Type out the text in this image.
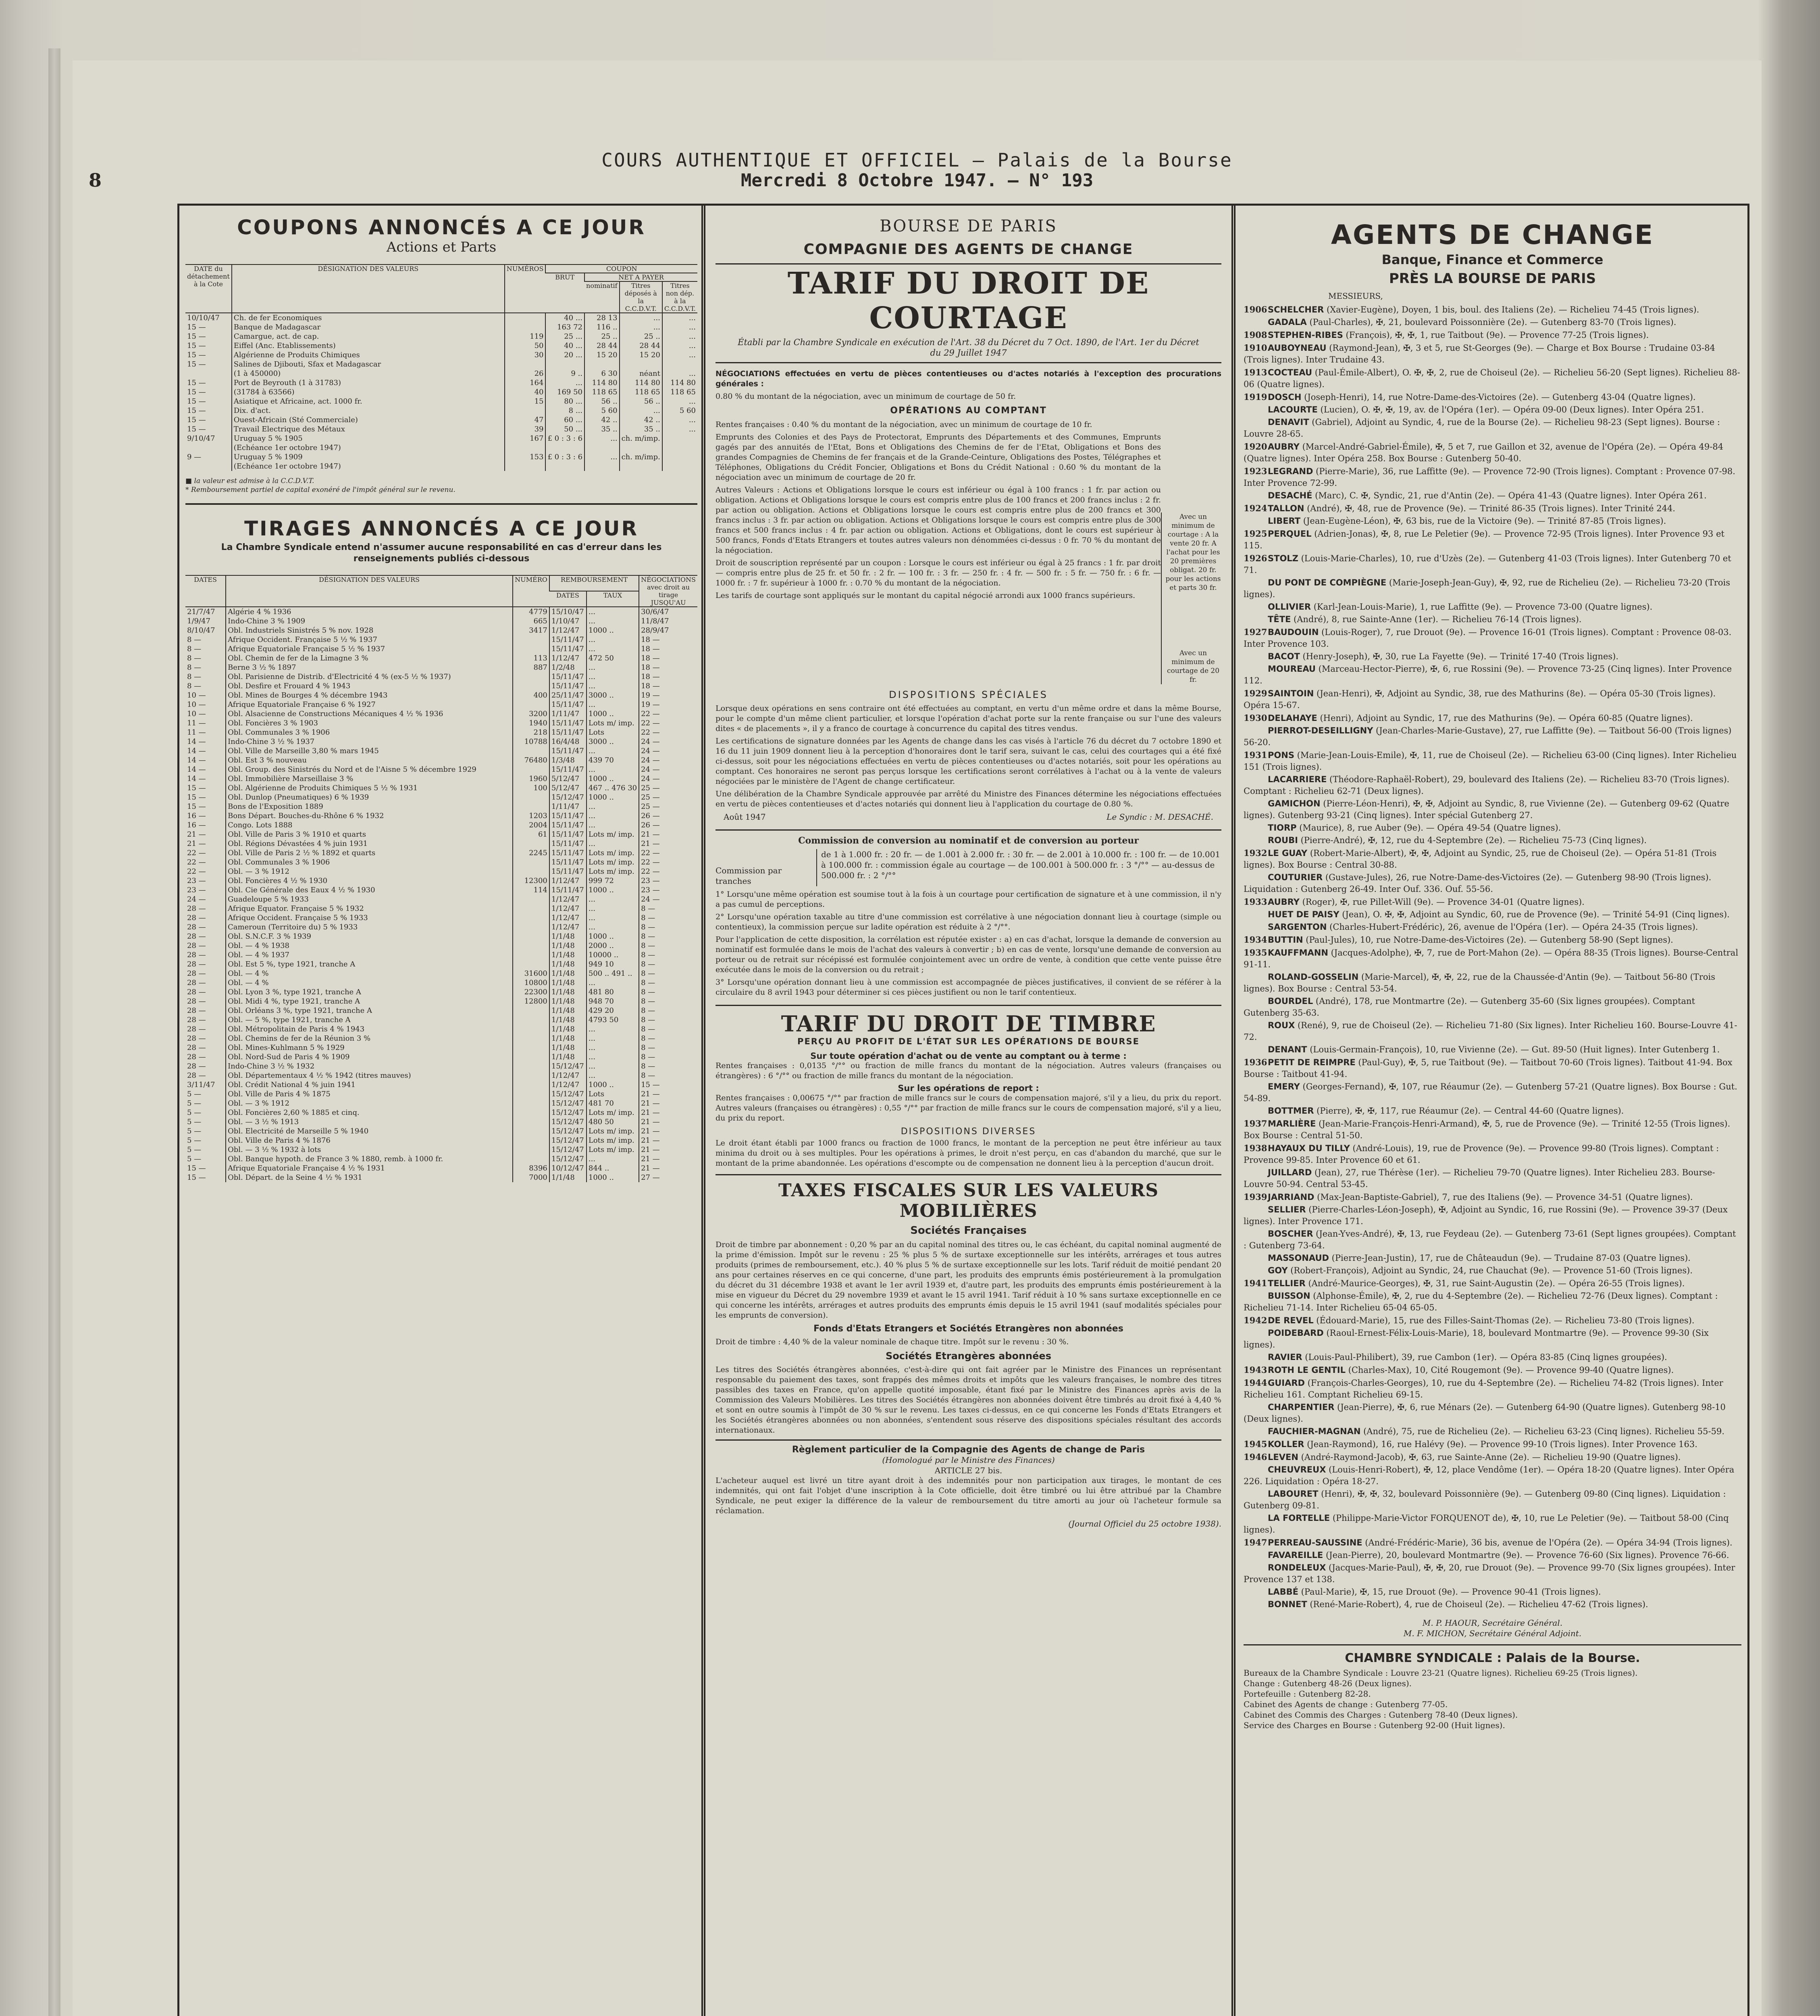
8
COURS AUTHENTIQUE ET OFFICIEL — Palais de la Bourse
Mercredi 8 Octobre 1947. — N° 193
COUPONS ANNONCÉS A CE JOUR
Actions et Parts
DATE du détachement à la Cote	DÉSIGNATION DES VALEURS	NUMÉROS	COUPON			
			BRUT	NET A PAYER		
				nominatif	Titres déposés à la C.C.D.V.T.	Titres non dép. à la C.C.D.V.T.
10/10/47	Ch. de fer Economiques		40 ...	28 13	...	...
15 —	Banque de Madagascar		163 72	116 ..	...	...
15 —	Camargue, act. de cap.	119	25 ...	25 ..	25 ..	...
15 —	Eiffel (Anc. Etablissements)	50	40 ...	28 44	28 44	...
15 —	Algérienne de Produits Chimiques	30	20 ...	15 20	15 20	...
15 —	Salines de Djibouti, Sfax et Madagascar					
	(1 à 450000)	26	9 ..	6 30	néant	...
15 —	Port de Beyrouth (1 à 31783)	164	...	114 80	114 80	114 80
15 —	(31784 à 63566)	40	169 50	118 65	118 65	118 65
15 —	Asiatique et Africaine, act. 1000 fr.	15	80 ...	56 ..	56 ..	...
15 —	Dix. d'act.		8 ...	5 60	...	5 60
15 —	Ouest-Africain (Sté Commerciale)	47	60 ...	42 ..	42 ..	...
15 —	Travail Electrique des Métaux	39	50 ...	35 ..	35 ..	...
9/10/47	Uruguay 5 % 1905	167	£ 0 : 3 : 6	...	ch. m/imp.	
	(Echéance 1er octobre 1947)					
9 —	Uruguay 5 % 1909	153	£ 0 : 3 : 6	...	ch. m/imp.	
	(Echéance 1er octobre 1947)					
■ la valeur est admise à la C.C.D.V.T.
* Remboursement partiel de capital exonéré de l'impôt général sur le revenu.
TIRAGES ANNONCÉS A CE JOUR
La Chambre Syndicale entend n'assumer aucune responsabilité en cas d'erreur dans les renseignements publiés ci-dessous
DATES	DÉSIGNATION DES VALEURS	NUMÉRO	REMBOURSEMENT		NÉGOCIATIONS avec droit au tirage JUSQU'AU
			DATES	TAUX	
21/7/47	Algérie 4 % 1936	4779	15/10/47	...	30/6/47
1/9/47	Indo-Chine 3 % 1909	665	1/10/47	...	11/8/47
8/10/47	Obl. Industriels Sinistrés 5 % nov. 1928	3417	1/12/47	1000 ..	28/9/47
8 —	Afrique Occident. Française 5 ½ % 1937		15/11/47	...	18 —
8 —	Afrique Equatoriale Française 5 ½ % 1937		15/11/47	...	18 —
8 —	Obl. Chemin de fer de la Limagne 3 %	113	1/12/47	472 50	18 —
8 —	Berne 3 ½ % 1897	887	1/2/48	...	18 —
8 —	Obl. Parisienne de Distrib. d'Electricité 4 % (ex-5 ½ % 1937)		15/11/47	...	18 —
8 —	Obl. Desfire et Frouard 4 % 1943		15/11/47	...	18 —
10 —	Obl. Mines de Bourges 4 % décembre 1943	400	25/11/47	3000 ..	19 —
10 —	Afrique Equatoriale Française 6 % 1927		15/11/47	...	19 —
10 —	Obl. Alsacienne de Constructions Mécaniques 4 ½ % 1936	3200	1/11/47	1000 ..	22 —
11 —	Obl. Foncières 3 % 1903	1940	15/11/47	Lots m/ imp.	22 —
11 —	Obl. Communales 3 % 1906	218	15/11/47	Lots	22 —
14 —	Indo-Chine 3 ½ % 1937	10788	16/4/48	3000 ..	24 —
14 —	Obl. Ville de Marseille 3,80 % mars 1945		15/11/47	...	24 —
14 —	Obl. Est 3 % nouveau	76480	1/3/48	439 70	24 —
14 —	Obl. Group. des Sinistrés du Nord et de l'Aisne 5 % décembre 1929		15/11/47	...	24 —
14 —	Obl. Immobilière Marseillaise 3 %	1960	5/12/47	1000 ..	24 —
15 —	Obl. Algérienne de Produits Chimiques 5 ½ % 1931	100	5/12/47	467 .. 476 30	25 —
15 —	Obl. Dunlop (Pneumatiques) 6 % 1939		15/12/47	1000 ..	25 —
15 —	Bons de l'Exposition 1889		1/11/47	...	25 —
16 —	Bons Départ. Bouches-du-Rhône 6 % 1932	1203	15/11/47	...	26 —
16 —	Congo. Lots 1888	2004	15/11/47	...	26 —
21 —	Obl. Ville de Paris 3 % 1910 et quarts	61	15/11/47	Lots m/ imp.	21 —
21 —	Obl. Régions Dévastées 4 % juin 1931		15/11/47	...	21 —
22 —	Obl. Ville de Paris 2 ½ % 1892 et quarts	2245	15/11/47	Lots m/ imp.	22 —
22 —	Obl. Communales 3 % 1906		15/11/47	Lots m/ imp.	22 —
22 —	Obl. — 3 % 1912		15/11/47	Lots m/ imp.	22 —
23 —	Obl. Foncières 4 ½ % 1930	12300	1/12/47	999 72	23 —
23 —	Obl. Cie Générale des Eaux 4 ½ % 1930	114	15/11/47	1000 ..	23 —
24 —	Guadeloupe 5 % 1933		1/12/47	...	24 —
28 —	Afrique Equator. Française 5 % 1932		1/12/47	...	8 —
28 —	Afrique Occident. Française 5 % 1933		1/12/47	...	8 —
28 —	Cameroun (Territoire du) 5 % 1933		1/12/47	...	8 —
28 —	Obl. S.N.C.F. 3 % 1939		1/1/48	1000 ..	8 —
28 —	Obl. — 4 % 1938		1/1/48	2000 ..	8 —
28 —	Obl. — 4 % 1937		1/1/48	10000 ..	8 —
28 —	Obl. Est 5 %, type 1921, tranche A		1/1/48	949 10	8 —
28 —	Obl. — 4 %	31600	1/1/48	500 .. 491 ..	8 —
28 —	Obl. — 4 %	10800	1/1/48	...	8 —
28 —	Obl. Lyon 3 %, type 1921, tranche A	22300	1/1/48	481 80	8 —
28 —	Obl. Midi 4 %, type 1921, tranche A	12800	1/1/48	948 70	8 —
28 —	Obl. Orléans 3 %, type 1921, tranche A		1/1/48	429 20	8 —
28 —	Obl. — 5 %, type 1921, tranche A		1/1/48	4793 50	8 —
28 —	Obl. Métropolitain de Paris 4 % 1943		1/1/48	...	8 —
28 —	Obl. Chemins de fer de la Réunion 3 %		1/1/48	...	8 —
28 —	Obl. Mines-Kuhlmann 5 % 1929		1/1/48	...	8 —
28 —	Obl. Nord-Sud de Paris 4 % 1909		1/1/48	...	8 —
28 —	Indo-Chine 3 ½ % 1932		15/12/47	...	8 —
28 —	Obl. Départementaux 4 ½ % 1942 (titres mauves)		1/12/47	...	8 —
3/11/47	Obl. Crédit National 4 % juin 1941		1/12/47	1000 ..	15 —
5 —	Obl. Ville de Paris 4 % 1875		15/12/47	Lots	21 —
5 —	Obl. — 3 % 1912		15/12/47	481 70	21 —
5 —	Obl. Foncières 2,60 % 1885 et cinq.		15/12/47	Lots m/ imp.	21 —
5 —	Obl. — 3 ½ % 1913		15/12/47	480 50	21 —
5 —	Obl. Electricité de Marseille 5 % 1940		15/12/47	Lots m/ imp.	21 —
5 —	Obl. Ville de Paris 4 % 1876		15/12/47	Lots m/ imp.	21 —
5 —	Obl. — 3 ½ % 1932 à lots		15/12/47	Lots m/ imp.	21 —
5 —	Obl. Banque hypoth. de France 3 % 1880, remb. à 1000 fr.		15/12/47	...	21 —
15 —	Afrique Equatoriale Française 4 ½ % 1931	8396	10/12/47	844 ..	21 —
15 —	Obl. Départ. de la Seine 4 ½ % 1931	7000	1/1/48	1000 ..	27 —
BOURSE DE PARIS
COMPAGNIE DES AGENTS DE CHANGE
TARIF DU DROIT DE COURTAGE
Établi par la Chambre Syndicale en exécution de l'Art. 38 du Décret du 7 Oct. 1890, de l'Art. 1er du Décret du 29 Juillet 1947
NÉGOCIATIONS effectuées en vertu de pièces contentieuses ou d'actes notariés à l'exception des procurations générales :
0.80 % du montant de la négociation, avec un minimum de courtage de 50 fr.
OPÉRATIONS AU COMPTANT
Rentes françaises : 0.40 % du montant de la négociation, avec un minimum de courtage de 10 fr.
Emprunts des Colonies et des Pays de Protectorat, Emprunts des Départements et des Communes, Emprunts gagés par des annuités de l'Etat, Bons et Obligations des Chemins de fer de l'Etat, Obligations et Bons des grandes Compagnies de Chemins de fer français et de la Grande-Ceinture, Obligations des Postes, Télégraphes et Téléphones, Obligations du Crédit Foncier, Obligations et Bons du Crédit National : 0.60 % du montant de la négociation avec un minimum de courtage de 20 fr.
Autres Valeurs : Actions et Obligations lorsque le cours est inférieur ou égal à 100 francs : 1 fr. par action ou obligation. Actions et Obligations lorsque le cours est compris entre plus de 100 francs et 200 francs inclus : 2 fr. par action ou obligation. Actions et Obligations lorsque le cours est compris entre plus de 200 francs et 300 francs inclus : 3 fr. par action ou obligation. Actions et Obligations lorsque le cours est compris entre plus de 300 francs et 500 francs inclus : 4 fr. par action ou obligation. Actions et Obligations, dont le cours est supérieur à 500 francs, Fonds d'Etats Etrangers et toutes autres valeurs non dénommées ci-dessus : 0 fr. 70 % du montant de la négociation.
Droit de souscription représenté par un coupon : Lorsque le cours est inférieur ou égal à 25 francs : 1 fr. par droit — compris entre plus de 25 fr. et 50 fr. : 2 fr. — 100 fr. : 3 fr. — 250 fr. : 4 fr. — 500 fr. : 5 fr. — 750 fr. : 6 fr. — 1000 fr. : 7 fr. supérieur à 1000 fr. : 0.70 % du montant de la négociation.
Les tarifs de courtage sont appliqués sur le montant du capital négocié arrondi aux 1000 francs supérieurs.
Avec un minimum de courtage : A la vente 20 fr. A l'achat pour les 20 premières obligat. 20 fr. pour les actions et parts 30 fr.
Avec un minimum de courtage de 20 fr.
DISPOSITIONS SPÉCIALES
Lorsque deux opérations en sens contraire ont été effectuées au comptant, en vertu d'un même ordre et dans la même Bourse, pour le compte d'un même client particulier, et lorsque l'opération d'achat porte sur la rente française ou sur l'une des valeurs dites « de placements », il y a franco de courtage à concurrence du capital des titres vendus.
Les certifications de signature données par les Agents de change dans les cas visés à l'article 76 du décret du 7 octobre 1890 et 16 du 11 juin 1909 donnent lieu à la perception d'honoraires dont le tarif sera, suivant le cas, celui des courtages qui a été fixé ci-dessus, soit pour les négociations effectuées en vertu de pièces contentieuses ou d'actes notariés, soit pour les opérations au comptant. Ces honoraires ne seront pas perçus lorsque les certifications seront corrélatives à l'achat ou à la vente de valeurs négociées par le ministère de l'Agent de change certificateur.
Une délibération de la Chambre Syndicale approuvée par arrêté du Ministre des Finances détermine les négociations effectuées en vertu de pièces contentieuses et d'actes notariés qui donnent lieu à l'application du courtage de 0.80 %.
Août 1947	Le Syndic : M. DESACHÉ.
Commission de conversion au nominatif et de conversion au porteur
Commission par tranches
de 1 à 1.000 fr. : 20 fr. — de 1.001 à 2.000 fr. : 30 fr. — de 2.001 à 10.000 fr. : 100 fr. — de 10.001 à 100.000 fr. : commission égale au courtage — de 100.001 à 500.000 fr. : 3 °/°° — au-dessus de 500.000 fr. : 2 °/°°
1° Lorsqu'une même opération est soumise tout à la fois à un courtage pour certification de signature et à une commission, il n'y a pas cumul de perceptions.
2° Lorsqu'une opération taxable au titre d'une commission est corrélative à une négociation donnant lieu à courtage (simple ou contentieux), la commission perçue sur ladite opération est réduite à 2 °/°°.
Pour l'application de cette disposition, la corrélation est réputée exister : a) en cas d'achat, lorsque la demande de conversion au nominatif est formulée dans le mois de l'achat des valeurs à convertir ; b) en cas de vente, lorsqu'une demande de conversion au porteur ou de retrait sur récépissé est formulée conjointement avec un ordre de vente, à condition que cette vente puisse être exécutée dans le mois de la conversion ou du retrait ;
3° Lorsqu'une opération donnant lieu à une commission est accompagnée de pièces justificatives, il convient de se référer à la circulaire du 8 avril 1943 pour déterminer si ces pièces justifient ou non le tarif contentieux.
TARIF DU DROIT DE TIMBRE
PERÇU AU PROFIT DE L'ÉTAT SUR LES OPÉRATIONS DE BOURSE
Sur toute opération d'achat ou de vente au comptant ou à terme :
Rentes françaises : 0,0135 °/°° ou fraction de mille francs du montant de la négociation. Autres valeurs (françaises ou étrangères) : 6 °/°° ou fraction de mille francs du montant de la négociation.
Sur les opérations de report :
Rentes françaises : 0,00675 °/°° par fraction de mille francs sur le cours de compensation majoré, s'il y a lieu, du prix du report. Autres valeurs (françaises ou étrangères) : 0,55 °/°° par fraction de mille francs sur le cours de compensation majoré, s'il y a lieu, du prix du report.
DISPOSITIONS DIVERSES
Le droit étant établi par 1000 francs ou fraction de 1000 francs, le montant de la perception ne peut être inférieur au taux minima du droit ou à ses multiples. Pour les opérations à primes, le droit n'est perçu, en cas d'abandon du marché, que sur le montant de la prime abandonnée. Les opérations d'escompte ou de compensation ne donnent lieu à la perception d'aucun droit.
TAXES FISCALES SUR LES VALEURS MOBILIÈRES
Sociétés Françaises
Droit de timbre par abonnement : 0,20 % par an du capital nominal des titres ou, le cas échéant, du capital nominal augmenté de la prime d'émission. Impôt sur le revenu : 25 % plus 5 % de surtaxe exceptionnelle sur les intérêts, arrérages et tous autres produits (primes de remboursement, etc.). 40 % plus 5 % de surtaxe exceptionnelle sur les lots. Tarif réduit de moitié pendant 20 ans pour certaines réserves en ce qui concerne, d'une part, les produits des emprunts émis postérieurement à la promulgation du décret du 31 décembre 1938 et avant le 1er avril 1939 et, d'autre part, les produits des emprunts émis postérieurement à la mise en vigueur du Décret du 29 novembre 1939 et avant le 15 avril 1941. Tarif réduit à 10 % sans surtaxe exceptionnelle en ce qui concerne les intérêts, arrérages et autres produits des emprunts émis depuis le 15 avril 1941 (sauf modalités spéciales pour les emprunts de conversion).
Fonds d'Etats Etrangers et Sociétés Etrangères non abonnées
Droit de timbre : 4,40 % de la valeur nominale de chaque titre. Impôt sur le revenu : 30 %.
Sociétés Etrangères abonnées
Les titres des Sociétés étrangères abonnées, c'est-à-dire qui ont fait agréer par le Ministre des Finances un représentant responsable du paiement des taxes, sont frappés des mêmes droits et impôts que les valeurs françaises, le nombre des titres passibles des taxes en France, qu'on appelle quotité imposable, étant fixé par le Ministre des Finances après avis de la Commission des Valeurs Mobilières. Les titres des Sociétés étrangères non abonnées doivent être timbrés au droit fixé à 4,40 % et sont en outre soumis à l'impôt de 30 % sur le revenu. Les taxes ci-dessus, en ce qui concerne les Fonds d'Etats Etrangers et les Sociétés étrangères abonnées ou non abonnées, s'entendent sous réserve des dispositions spéciales résultant des accords internationaux.
Règlement particulier de la Compagnie des Agents de change de Paris
(Homologué par le Ministre des Finances)
ARTICLE 27 bis.
L'acheteur auquel est livré un titre ayant droit à des indemnités pour non participation aux tirages, le montant de ces indemnités, qui ont fait l'objet d'une inscription à la Cote officielle, doit être timbré ou lui être attribué par la Chambre Syndicale, ne peut exiger la différence de la valeur de remboursement du titre amorti au jour où l'acheteur formule sa réclamation.
(Journal Officiel du 25 octobre 1938).
AGENTS DE CHANGE
Banque, Finance et Commerce
PRÈS LA BOURSE DE PARIS
MESSIEURS,
1906SCHELCHER (Xavier-Eugène), Doyen, 1 bis, boul. des Italiens (2e). — Richelieu 74-45 (Trois lignes).
GADALA (Paul-Charles), ✠, 21, boulevard Poissonnière (2e). — Gutenberg 83-70 (Trois lignes).
1908STEPHEN-RIBES (François), ✠, ✠, 1, rue Taitbout (9e). — Provence 77-25 (Trois lignes).
1910AUBOYNEAU (Raymond-Jean), ✠, 3 et 5, rue St-Georges (9e). — Charge et Box Bourse : Trudaine 03-84 (Trois lignes). Inter Trudaine 43.
1913COCTEAU (Paul-Émile-Albert), O. ✠, ✠, 2, rue de Choiseul (2e). — Richelieu 56-20 (Sept lignes). Richelieu 88-06 (Quatre lignes).
1919DOSCH (Joseph-Henri), 14, rue Notre-Dame-des-Victoires (2e). — Gutenberg 43-04 (Quatre lignes).
LACOURTE (Lucien), O. ✠, ✠, 19, av. de l'Opéra (1er). — Opéra 09-00 (Deux lignes). Inter Opéra 251.
DENAVIT (Gabriel), Adjoint au Syndic, 4, rue de la Bourse (2e). — Richelieu 98-23 (Sept lignes). Bourse : Louvre 28-65.
1920AUBRY (Marcel-André-Gabriel-Émile), ✠, 5 et 7, rue Gaillon et 32, avenue de l'Opéra (2e). — Opéra 49-84 (Quatre lignes). Inter Opéra 258. Box Bourse : Gutenberg 50-40.
1923LEGRAND (Pierre-Marie), 36, rue Laffitte (9e). — Provence 72-90 (Trois lignes). Comptant : Provence 07-98. Inter Provence 72-99.
DESACHÉ (Marc), C. ✠, Syndic, 21, rue d'Antin (2e). — Opéra 41-43 (Quatre lignes). Inter Opéra 261.
1924TALLON (André), ✠, 48, rue de Provence (9e). — Trinité 86-35 (Trois lignes). Inter Trinité 244.
LIBERT (Jean-Eugène-Léon), ✠, 63 bis, rue de la Victoire (9e). — Trinité 87-85 (Trois lignes).
1925PERQUEL (Adrien-Jonas), ✠, 8, rue Le Peletier (9e). — Provence 72-95 (Trois lignes). Inter Provence 93 et 115.
1926STOLZ (Louis-Marie-Charles), 10, rue d'Uzès (2e). — Gutenberg 41-03 (Trois lignes). Inter Gutenberg 70 et 71.
DU PONT DE COMPIÈGNE (Marie-Joseph-Jean-Guy), ✠, 92, rue de Richelieu (2e). — Richelieu 73-20 (Trois lignes).
OLLIVIER (Karl-Jean-Louis-Marie), 1, rue Laffitte (9e). — Provence 73-00 (Quatre lignes).
TÊTE (André), 8, rue Sainte-Anne (1er). — Richelieu 76-14 (Trois lignes).
1927BAUDOUIN (Louis-Roger), 7, rue Drouot (9e). — Provence 16-01 (Trois lignes). Comptant : Provence 08-03. Inter Provence 103.
BACOT (Henry-Joseph), ✠, 30, rue La Fayette (9e). — Trinité 17-40 (Trois lignes).
MOUREAU (Marceau-Hector-Pierre), ✠, 6, rue Rossini (9e). — Provence 73-25 (Cinq lignes). Inter Provence 112.
1929SAINTOIN (Jean-Henri), ✠, Adjoint au Syndic, 38, rue des Mathurins (8e). — Opéra 05-30 (Trois lignes). Opéra 15-67.
1930DELAHAYE (Henri), Adjoint au Syndic, 17, rue des Mathurins (9e). — Opéra 60-85 (Quatre lignes).
PIERROT-DESEILLIGNY (Jean-Charles-Marie-Gustave), 27, rue Laffitte (9e). — Taitbout 56-00 (Trois lignes) 56-20.
1931PONS (Marie-Jean-Louis-Emile), ✠, 11, rue de Choiseul (2e). — Richelieu 63-00 (Cinq lignes). Inter Richelieu 151 (Trois lignes).
LACARRIERE (Théodore-Raphaël-Robert), 29, boulevard des Italiens (2e). — Richelieu 83-70 (Trois lignes). Comptant : Richelieu 62-71 (Deux lignes).
GAMICHON (Pierre-Léon-Henri), ✠, ✠, Adjoint au Syndic, 8, rue Vivienne (2e). — Gutenberg 09-62 (Quatre lignes). Gutenberg 93-21 (Cinq lignes). Inter spécial Gutenberg 27.
TIORP (Maurice), 8, rue Auber (9e). — Opéra 49-54 (Quatre lignes).
ROUBI (Pierre-André), ✠, 12, rue du 4-Septembre (2e). — Richelieu 75-73 (Cinq lignes).
1932LE GUAY (Robert-Marie-Albert), ✠, ✠, Adjoint au Syndic, 25, rue de Choiseul (2e). — Opéra 51-81 (Trois lignes). Box Bourse : Central 30-88.
COUTURIER (Gustave-Jules), 26, rue Notre-Dame-des-Victoires (2e). — Gutenberg 98-90 (Trois lignes). Liquidation : Gutenberg 26-49. Inter Ouf. 336. Ouf. 55-56.
1933AUBRY (Roger), ✠, rue Pillet-Will (9e). — Provence 34-01 (Quatre lignes).
HUET DE PAISY (Jean), O. ✠, ✠, Adjoint au Syndic, 60, rue de Provence (9e). — Trinité 54-91 (Cinq lignes).
SARGENTON (Charles-Hubert-Frédéric), 26, avenue de l'Opéra (1er). — Opéra 24-35 (Trois lignes).
1934BUTTIN (Paul-Jules), 10, rue Notre-Dame-des-Victoires (2e). — Gutenberg 58-90 (Sept lignes).
1935KAUFFMANN (Jacques-Adolphe), ✠, 7, rue de Port-Mahon (2e). — Opéra 88-35 (Trois lignes). Bourse-Central 91-11.
ROLAND-GOSSELIN (Marie-Marcel), ✠, ✠, 22, rue de la Chaussée-d'Antin (9e). — Taitbout 56-80 (Trois lignes). Box Bourse : Central 53-54.
BOURDEL (André), 178, rue Montmartre (2e). — Gutenberg 35-60 (Six lignes groupées). Comptant Gutenberg 35-63.
ROUX (René), 9, rue de Choiseul (2e). — Richelieu 71-80 (Six lignes). Inter Richelieu 160. Bourse-Louvre 41-72.
DENANT (Louis-Germain-François), 10, rue Vivienne (2e). — Gut. 89-50 (Huit lignes). Inter Gutenberg 1.
1936PETIT DE REIMPRE (Paul-Guy), ✠, 5, rue Taitbout (9e). — Taitbout 70-60 (Trois lignes). Taitbout 41-94. Box Bourse : Taitbout 41-94.
EMERY (Georges-Fernand), ✠, 107, rue Réaumur (2e). — Gutenberg 57-21 (Quatre lignes). Box Bourse : Gut. 54-89.
BOTTMER (Pierre), ✠, ✠, 117, rue Réaumur (2e). — Central 44-60 (Quatre lignes).
1937MARLIÈRE (Jean-Marie-François-Henri-Armand), ✠, 5, rue de Provence (9e). — Trinité 12-55 (Trois lignes). Box Bourse : Central 51-50.
1938HAYAUX DU TILLY (André-Louis), 19, rue de Provence (9e). — Provence 99-80 (Trois lignes). Comptant : Provence 99-85. Inter Provence 60 et 61.
JUILLARD (Jean), 27, rue Thérèse (1er). — Richelieu 79-70 (Quatre lignes). Inter Richelieu 283. Bourse-Louvre 50-94. Central 53-45.
1939JARRIAND (Max-Jean-Baptiste-Gabriel), 7, rue des Italiens (9e). — Provence 34-51 (Quatre lignes).
SELLIER (Pierre-Charles-Léon-Joseph), ✠, Adjoint au Syndic, 16, rue Rossini (9e). — Provence 39-37 (Deux lignes). Inter Provence 171.
BOSCHER (Jean-Yves-André), ✠, 13, rue Feydeau (2e). — Gutenberg 73-61 (Sept lignes groupées). Comptant : Gutenberg 73-64.
MASSONAUD (Pierre-Jean-Justin), 17, rue de Châteaudun (9e). — Trudaine 87-03 (Quatre lignes).
GOY (Robert-François), Adjoint au Syndic, 24, rue Chauchat (9e). — Provence 51-60 (Trois lignes).
1941TELLIER (André-Maurice-Georges), ✠, 31, rue Saint-Augustin (2e). — Opéra 26-55 (Trois lignes).
BUISSON (Alphonse-Émile), ✠, 2, rue du 4-Septembre (2e). — Richelieu 72-76 (Deux lignes). Comptant : Richelieu 71-14. Inter Richelieu 65-04 65-05.
1942DE REVEL (Édouard-Marie), 15, rue des Filles-Saint-Thomas (2e). — Richelieu 73-80 (Trois lignes).
POIDEBARD (Raoul-Ernest-Félix-Louis-Marie), 18, boulevard Montmartre (9e). — Provence 99-30 (Six lignes).
RAVIER (Louis-Paul-Philibert), 39, rue Cambon (1er). — Opéra 83-85 (Cinq lignes groupées).
1943ROTH LE GENTIL (Charles-Max), 10, Cité Rougemont (9e). — Provence 99-40 (Quatre lignes).
1944GUIARD (François-Charles-Georges), 10, rue du 4-Septembre (2e). — Richelieu 74-82 (Trois lignes). Inter Richelieu 161. Comptant Richelieu 69-15.
CHARPENTIER (Jean-Pierre), ✠, 6, rue Ménars (2e). — Gutenberg 64-90 (Quatre lignes). Gutenberg 98-10 (Deux lignes).
FAUCHIER-MAGNAN (André), 75, rue de Richelieu (2e). — Richelieu 63-23 (Cinq lignes). Richelieu 55-59.
1945KOLLER (Jean-Raymond), 16, rue Halévy (9e). — Provence 99-10 (Trois lignes). Inter Provence 163.
1946LEVEN (André-Raymond-Jacob), ✠, 63, rue Sainte-Anne (2e). — Richelieu 19-90 (Quatre lignes).
CHEUVREUX (Louis-Henri-Robert), ✠, 12, place Vendôme (1er). — Opéra 18-20 (Quatre lignes). Inter Opéra 226. Liquidation : Opéra 18-27.
LABOURET (Henri), ✠, ✠, 32, boulevard Poissonnière (9e). — Gutenberg 09-80 (Cinq lignes). Liquidation : Gutenberg 09-81.
LA FORTELLE (Philippe-Marie-Victor FORQUENOT de), ✠, 10, rue Le Peletier (9e). — Taitbout 58-00 (Cinq lignes).
1947PERREAU-SAUSSINE (André-Frédéric-Marie), 36 bis, avenue de l'Opéra (2e). — Opéra 34-94 (Trois lignes).
FAVAREILLE (Jean-Pierre), 20, boulevard Montmartre (9e). — Provence 76-60 (Six lignes). Provence 76-66.
RONDELEUX (Jacques-Marie-Paul), ✠, ✠, 20, rue Drouot (9e). — Provence 99-70 (Six lignes groupées). Inter Provence 137 et 138.
LABBÉ (Paul-Marie), ✠, 15, rue Drouot (9e). — Provence 90-41 (Trois lignes).
BONNET (René-Marie-Robert), 4, rue de Choiseul (2e). — Richelieu 47-62 (Trois lignes).
M. P. HAOUR, Secrétaire Général.
M. F. MICHON, Secrétaire Général Adjoint.
CHAMBRE SYNDICALE : Palais de la Bourse.
Bureaux de la Chambre Syndicale : Louvre 23-21 (Quatre lignes). Richelieu 69-25 (Trois lignes).
Change : Gutenberg 48-26 (Deux lignes).
Portefeuille : Gutenberg 82-28.
Cabinet des Agents de change : Gutenberg 77-05.
Cabinet des Commis des Charges : Gutenberg 78-40 (Deux lignes).
Service des Charges en Bourse : Gutenberg 92-00 (Huit lignes).
